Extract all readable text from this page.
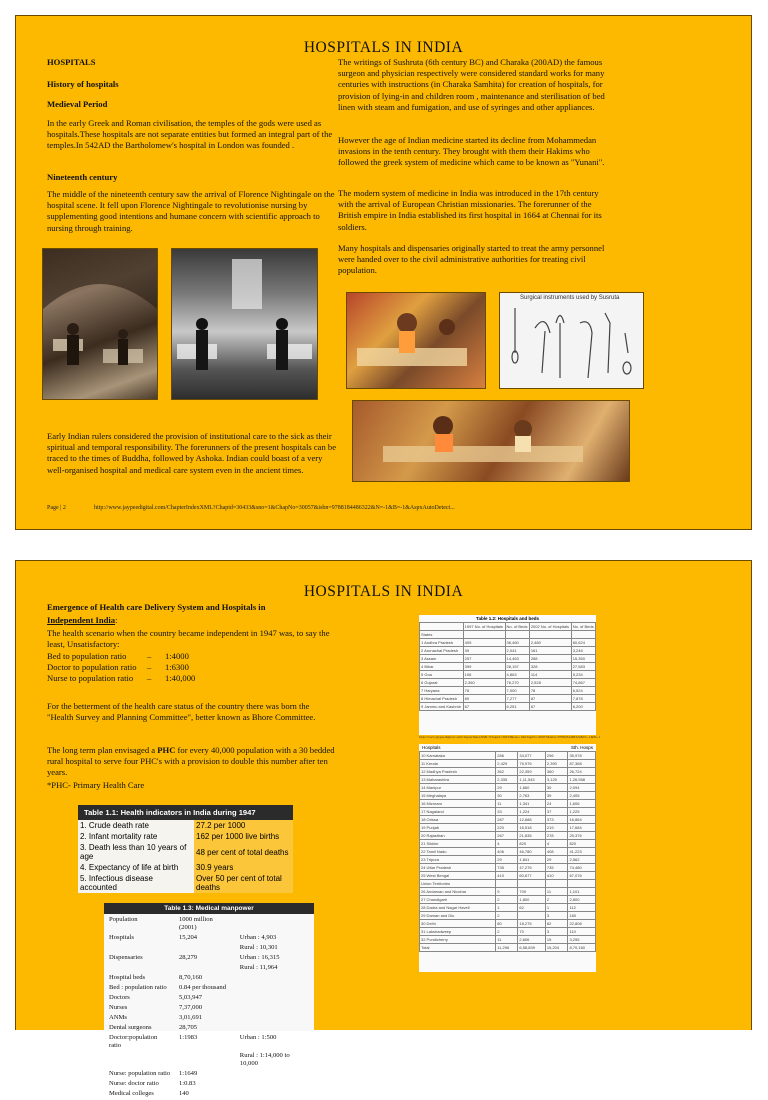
HOSPITALS IN INDIA

HOSPITALS

History of hospitals

Medieval Period

In the early Greek and Roman civilisation, the temples of the gods were used as hospitals.These hospitals are not separate entities but formed an integral part of the temples.In 542AD the Bartholomew's hospital in London was founded .

Nineteenth century

The middle of the nineteenth century saw the arrival of Florence Nightingale on the hospital scene. It fell upon Florence Nightingale to revolutionise nursing by supplementing good intentions and humane concern with scientific approach to nursing through training.

Early Indian rulers considered the provision of institutional care to the sick as their spiritual and temporal responsibility. The forerunners of the present hospitals can be traced to the times of Buddha, followed by Ashoka. Indian could boast of a very well-organised hospital and medical care system even in the ancient times.

The writings of Sushruta (6th century BC) and Charaka (200AD) the famous surgeon and physician respectively were considered standard works for many centuries with instructions (in Charaka Samhita) for creation of hospitals, for provision of lying-in and children room , maintenance and sterilisation of bed linen with steam and fumigation, and use of syringes and other appliances.

However the age of Indian medicine started its decline from Mohammedan invasions in the tenth century. They brought with them their Hakims who followed the greek system of medicine which came to be known as "Yunani".

The modern system of medicine in India was introduced in the 17th century with the arrival of European Christian missionaries. The forerunner of the British empire in India established its first hospital in 1664 at Chennai for its soldiers.

Many hospitals and dispensaries originally started to treat the army personnel were handed over to the civil administrative authorities for treating civil population.

Surgical instruments used by Susruta
Page | 2	http://www.jaypeedigital.com/ChapterIndexXML?Chapid=30433&sno=1&ChapNo=30057&isbn=9788184486322&N=-1&B=-1&AspxAutoDetect...
HOSPITALS IN INDIA

Emergence of Health care Delivery System and Hospitals in

Independent India:

The health scenario when the country became independent in 1947 was, to say the least, Unsatisfactory:

Bed to population ratio – 1:4000
Doctor to population ratio – 1:6300
Nurse to population ratio – 1:40,000

For the betterment of the health care status of the country there was born the "Health Survey and Planning Committee", better known as Bhore Committee.

The long term plan envisaged a PHC for every 40,000 population with a 30 bedded rural hospital to serve four PHC's with a provision to double this number after ten years.

*PHC- Primary Health Care

Table 1.1: Health indicators in India during 1947
1. Crude death rate	27.2 per 1000
2. Infant mortality rate	162 per 1000 live births
3. Death less than 10 years of age	48 per cent of total deaths
4. Expectancy of life at birth	30.9 years
5. Infectious disease accounted	Over 50 per cent of total deaths
Table 1.3: Medical manpower
Population	1000 million (2001)	
Hospitals	15,204	Urban : 4,903
		Rural : 10,301
Dispensaries	28,279	Urban : 16,315
		Rural : 11,964
Hospital beds	8,70,160	
Bed : population ratio	0.84 per thousand	
Doctors	5,03,947	
Nurses	7,37,000	
ANMs	3,01,691	
Dental surgeons	28,705	
Doctor:population ratio	1:1983	Urban : 1:500
		Rural : 1:14,000 to 10,000
Nurse: population ratio	1:1649	
Nurse: doctor ratio	1:0.83	
Medical colleges	140	
Table 1.2: Hospitals and beds
	1997 No. of Hospitals	No. of Beds	2002 No. of Hospitals	No. of Beds
States				
1 Andhra Pradesh	409	36,460	2,480	60,624
2 Arunachal Pradesh	39	2,041	161	3,246
3 Assam	257	14,463	288	15,350
4 Bihar	399	28,157	328	27,583
5 Goa	106	4,863	114	5,234
6 Gujarat	2,360	76,270	2,528	74,867
7 Haryana	78	7,000	78	6,524
8 Himachal Pradesh	89	7,277	87	7,878
9 Jammu and Kashmir	67	6,251	67	6,200
http://www.jaypeedigital.com/ChapterIndexXML?Chapid=30433&sno=1&ChapNo=30057&isbn=9788184486322&N=-1&B=-1
Hospitals	Sth. Hosps
10 Karnataka	286	34,077	296	35,978
11 Kerala	2,429	75,976	2,390	87,368
12 Madhya Pradesh	362	22,359	360	26,724
13 Maharashtra	2,335	1,11,543	3,125	1,26,558
14 Manipur	29	1,660	30	2,094
15 Meghalaya	30	2,763	39	2,405
16 Mizoram	11	1,341	24	1,606
17 Nagaland	33	1,224	37	1,225
18 Orissa	287	12,688	373	16,864
19 Punjab	220	16,518	219	17,684
20 Rajasthan	267	21,835	278	25,376
21 Sikkim	4	820	4	820
22 Tamil Nadu	406	46,780	408	41,223
23 Tripura	29	1,841	29	2,562
24 Uttar Pradesh	735	47,276	735	74,480
25 West Bengal	410	60,677	410	67,076
Union Territories				
26 Andaman and Nicobar	9	709	11	1,101
27 Chandigarh	2	1,800	2	2,800
28 Dadra and Nagar Haveli	1	62	1	112
29 Daman and Diu	2		3	180
30 Delhi	80	18,275	82	22,808
31 Lakshadweep	2	70	3	110
32 Pondicherry	11	2,606	15	3,255
Total	11,296	6,58,839	15,204	8,70,160
